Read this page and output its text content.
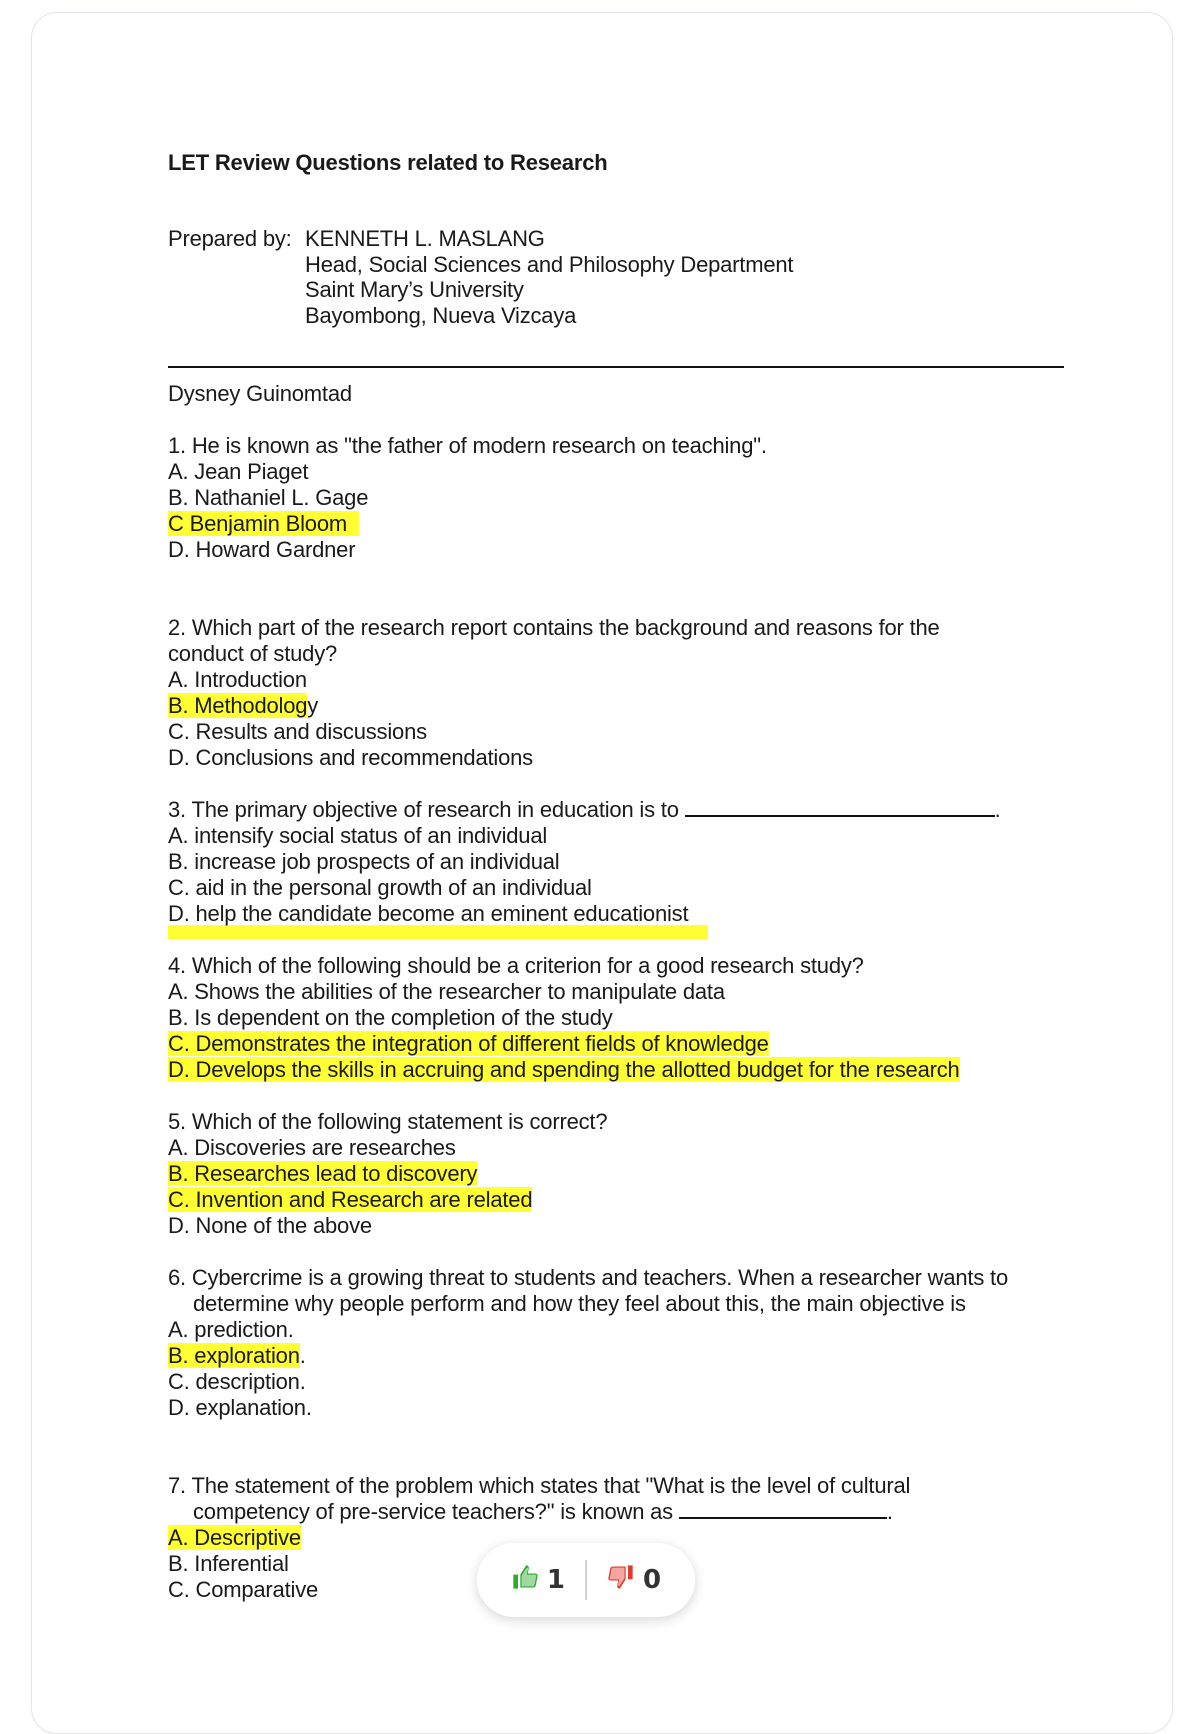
LET Review Questions related to Research

Prepared by: KENNETH L. MASLANG
Head, Social Sciences and Philosophy Department
Saint Mary’s University
Bayombong, Nueva Vizcaya
Dysney Guinomtad
1. He is known as "the father of modern research on teaching".
A. Jean Piaget
B. Nathaniel L. Gage
C Benjamin Bloom
D. Howard Gardner
2. Which part of the research report contains the background and reasons for the
conduct of study?
A. Introduction
B. Methodology
C. Results and discussions
D. Conclusions and recommendations
3. The primary objective of research in education is to	.
A. intensify social status of an individual
B. increase job prospects of an individual
C. aid in the personal growth of an individual
D. help the candidate become an eminent educationist
4. Which of the following should be a criterion for a good research study?
A. Shows the abilities of the researcher to manipulate data
B. Is dependent on the completion of the study
C. Demonstrates the integration of different fields of knowledge
D. Develops the skills in accruing and spending the allotted budget for the research
5. Which of the following statement is correct?
A. Discoveries are researches
B. Researches lead to discovery
C. Invention and Research are related
D. None of the above
6. Cybercrime is a growing threat to students and teachers. When a researcher wants to
determine why people perform and how they feel about this, the main objective is
A. prediction.
B. exploration.
C. description.
D. explanation.
7. The statement of the problem which states that "What is the level of cultural
competency of pre-service teachers?" is known as	.
A. Descriptive
B. Inferential
C. Comparative	1	0
